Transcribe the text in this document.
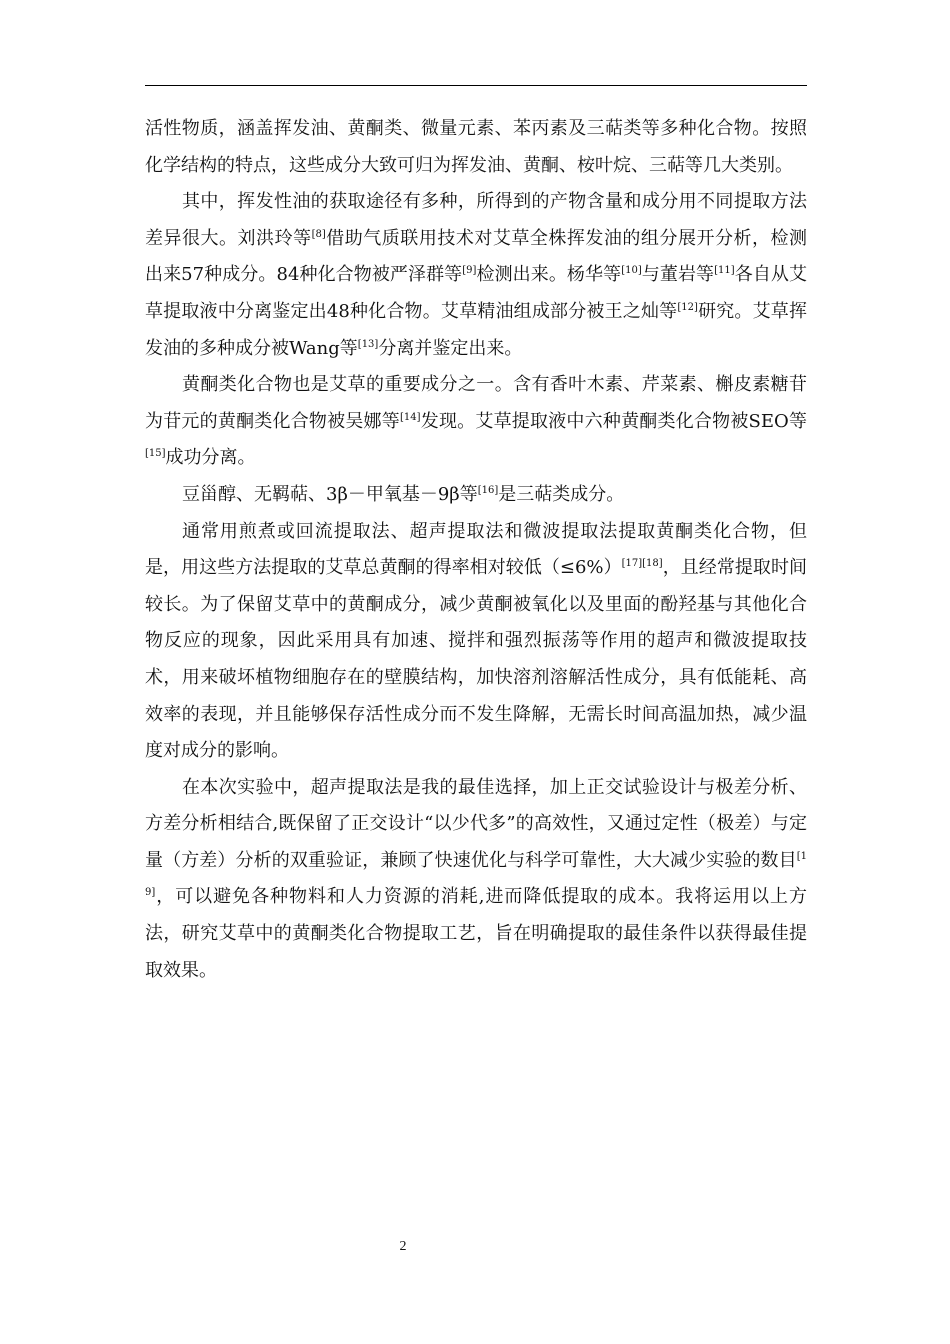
活性物质，涵盖挥发油、黄酮类、微量元素、苯丙素及三萜类等多种化合物。按照化学结构的特点，这些成分大致可归为挥发油、黄酮、桉叶烷、三萜等几大类别。

其中，挥发性油的获取途径有多种，所得到的产物含量和成分用不同提取方法差异很大。刘洪玲等[8]借助气质联用技术对艾草全株挥发油的组分展开分析，检测出来57种成分。84种化合物被严泽群等[9]检测出来。杨华等[10]与董岩等[11]各自从艾草提取液中分离鉴定出48种化合物。艾草精油组成部分被王之灿等[12]研究。艾草挥发油的多种成分被Wang等[13]分离并鉴定出来。

黄酮类化合物也是艾草的重要成分之一。含有香叶木素、芹菜素、槲皮素糖苷为苷元的黄酮类化合物被吴娜等[14]发现。艾草提取液中六种黄酮类化合物被SEO等[15]成功分离。

豆甾醇、无羁萜、3β－甲氧基－9β等[16]是三萜类成分。

通常用煎煮或回流提取法、超声提取法和微波提取法提取黄酮类化合物，但是，用这些方法提取的艾草总黄酮的得率相对较低（≤6%）[17][18]，且经常提取时间较长。为了保留艾草中的黄酮成分，减少黄酮被氧化以及里面的酚羟基与其他化合物反应的现象，因此采用具有加速、搅拌和强烈振荡等作用的超声和微波提取技术，用来破坏植物细胞存在的壁膜结构，加快溶剂溶解活性成分，具有低能耗、高效率的表现，并且能够保存活性成分而不发生降解，无需长时间高温加热，减少温度对成分的影响。

在本次实验中，超声提取法是我的最佳选择，加上正交试验设计与极差分析、方差分析相结合,既保留了正交设计“以少代多”的高效性，又通过定性（极差）与定量（方差）分析的双重验证，兼顾了快速优化与科学可靠性，大大减少实验的数目[19]，可以避免各种物料和人力资源的消耗,进而降低提取的成本。我将运用以上方法，研究艾草中的黄酮类化合物提取工艺，旨在明确提取的最佳条件以获得最佳提取效果。

2
